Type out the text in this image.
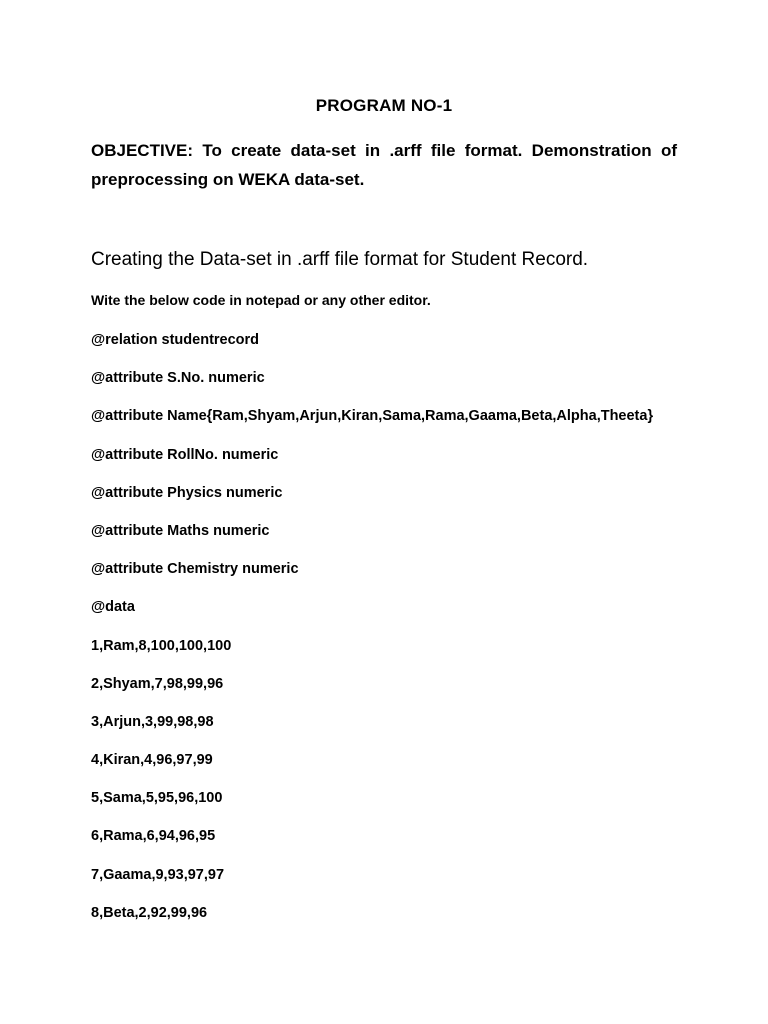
PROGRAM NO-1
OBJECTIVE: To create data-set in .arff file format. Demonstration of preprocessing on WEKA data-set.
Creating the Data-set in .arff file format for Student Record.
Wite the below code in notepad or any other editor.
@relation studentrecord
@attribute S.No. numeric
@attribute Name{Ram,Shyam,Arjun,Kiran,Sama,Rama,Gaama,Beta,Alpha,Theeta}
@attribute RollNo. numeric
@attribute Physics numeric
@attribute Maths numeric
@attribute Chemistry numeric
@data
1,Ram,8,100,100,100
2,Shyam,7,98,99,96
3,Arjun,3,99,98,98
4,Kiran,4,96,97,99
5,Sama,5,95,96,100
6,Rama,6,94,96,95
7,Gaama,9,93,97,97
8,Beta,2,92,99,96
